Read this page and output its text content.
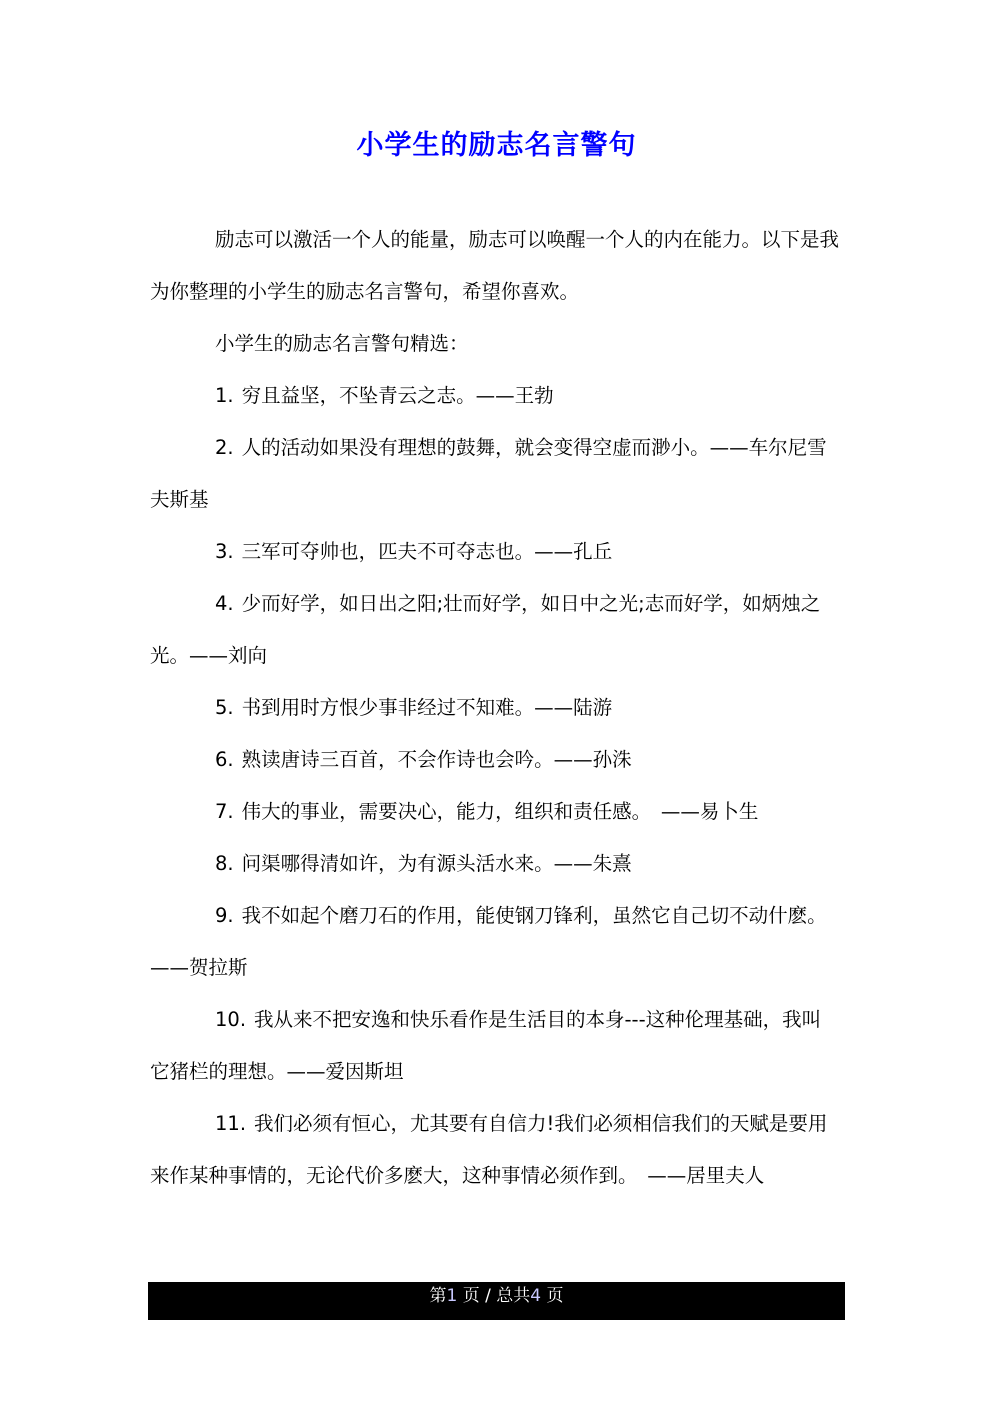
小学生的励志名言警句

励志可以激活一个人的能量，励志可以唤醒一个人的内在能力。以下是我为你整理的小学生的励志名言警句，希望你喜欢。

小学生的励志名言警句精选：

1. 穷且益坚，不坠青云之志。——王勃

2. 人的活动如果没有理想的鼓舞，就会变得空虚而渺小。——车尔尼雪夫斯基

3. 三军可夺帅也，匹夫不可夺志也。——孔丘

4. 少而好学，如日出之阳;壮而好学，如日中之光;志而好学，如炳烛之光。——刘向

5. 书到用时方恨少事非经过不知难。——陆游

6. 熟读唐诗三百首，不会作诗也会吟。——孙洙

7. 伟大的事业，需要决心，能力，组织和责任感。　——易卜生

8. 问渠哪得清如许，为有源头活水来。——朱熹

9. 我不如起个磨刀石的作用，能使钢刀锋利，虽然它自己切不动什麽。——贺拉斯

10. 我从来不把安逸和快乐看作是生活目的本身---这种伦理基础，我叫它猪栏的理想。——爱因斯坦

11. 我们必须有恒心，尤其要有自信力!我们必须相信我们的天赋是要用来作某种事情的，无论代价多麽大，这种事情必须作到。　——居里夫人

第1 页 / 总共4 页
